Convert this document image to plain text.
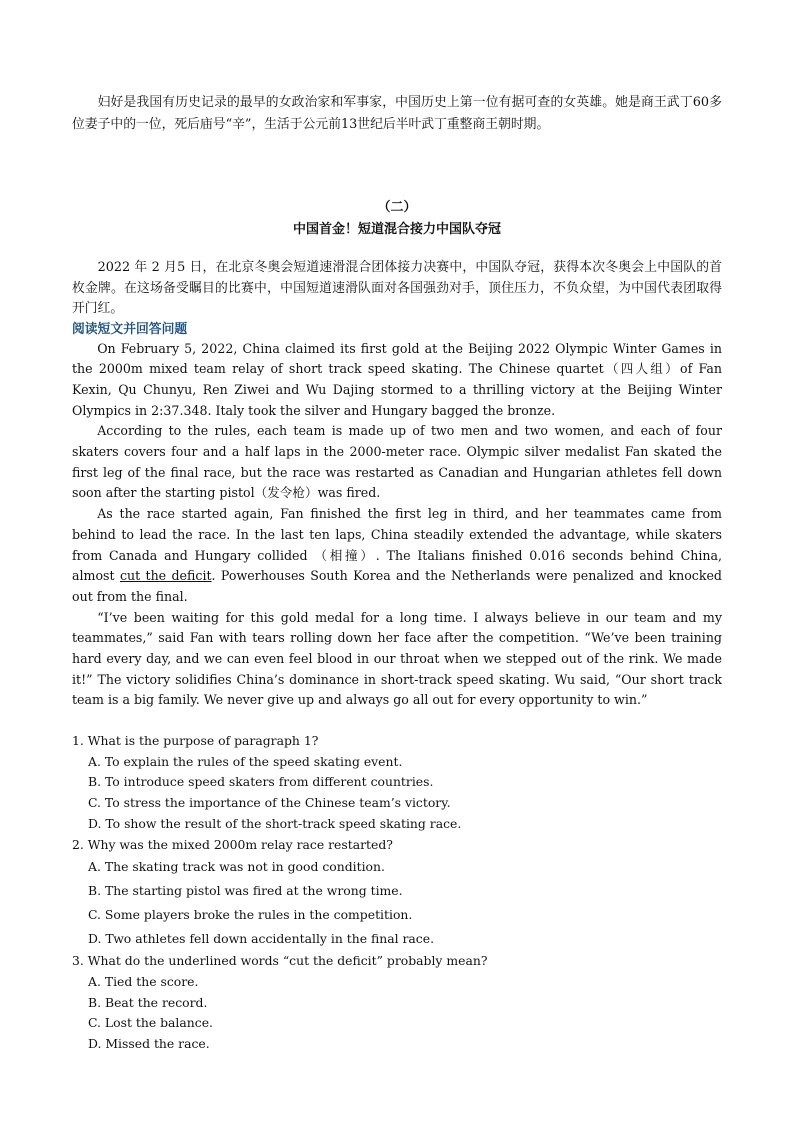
妇好是我国有历史记录的最早的女政治家和军事家，中国历史上第一位有据可查的女英雄。她是商王武丁60多位妻子中的一位，死后庙号“辛”，生活于公元前13世纪后半叶武丁重整商王朝时期。

（二）

中国首金！短道混合接力中国队夺冠

2022 年 2 月5 日，在北京冬奥会短道速滑混合团体接力决赛中，中国队夺冠，获得本次冬奥会上中国队的首枚金牌。在这场备受瞩目的比赛中，中国短道速滑队面对各国强劲对手，顶住压力，不负众望，为中国代表团取得开门红。

阅读短文并回答问题

On February 5, 2022, China claimed its first gold at the Beijing 2022 Olympic Winter Games in the 2000m mixed team relay of short track speed skating. The Chinese quartet（四人组）of Fan Kexin, Qu Chunyu, Ren Ziwei and Wu Dajing stormed to a thrilling victory at the Beijing Winter Olympics in 2:37.348. Italy took the silver and Hungary bagged the bronze.

According to the rules, each team is made up of two men and two women, and each of four skaters covers four and a half laps in the 2000-meter race. Olympic silver medalist Fan skated the first leg of the final race, but the race was restarted as Canadian and Hungarian athletes fell down soon after the starting pistol（发令枪）was fired.

As the race started again, Fan finished the first leg in third, and her teammates came from behind to lead the race. In the last ten laps, China steadily extended the advantage, while skaters from Canada and Hungary collided （相撞）. The Italians finished 0.016 seconds behind China, almost cut the deficit. Powerhouses South Korea and the Netherlands were penalized and knocked out from the final.

“I’ve been waiting for this gold medal for a long time. I always believe in our team and my teammates,” said Fan with tears rolling down her face after the competition. “We’ve been training hard every day, and we can even feel blood in our throat when we stepped out of the rink. We made it!” The victory solidifies China’s dominance in short-track speed skating. Wu said, “Our short track team is a big family. We never give up and always go all out for every opportunity to win.”

1. What is the purpose of paragraph 1?

A. To explain the rules of the speed skating event.

B. To introduce speed skaters from different countries.

C. To stress the importance of the Chinese team’s victory.

D. To show the result of the short-track speed skating race.

2. Why was the mixed 2000m relay race restarted?

A. The skating track was not in good condition.

B. The starting pistol was fired at the wrong time.

C. Some players broke the rules in the competition.

D. Two athletes fell down accidentally in the final race.

3. What do the underlined words “cut the deficit” probably mean?

A. Tied the score.

B. Beat the record.

C. Lost the balance.

D. Missed the race.
